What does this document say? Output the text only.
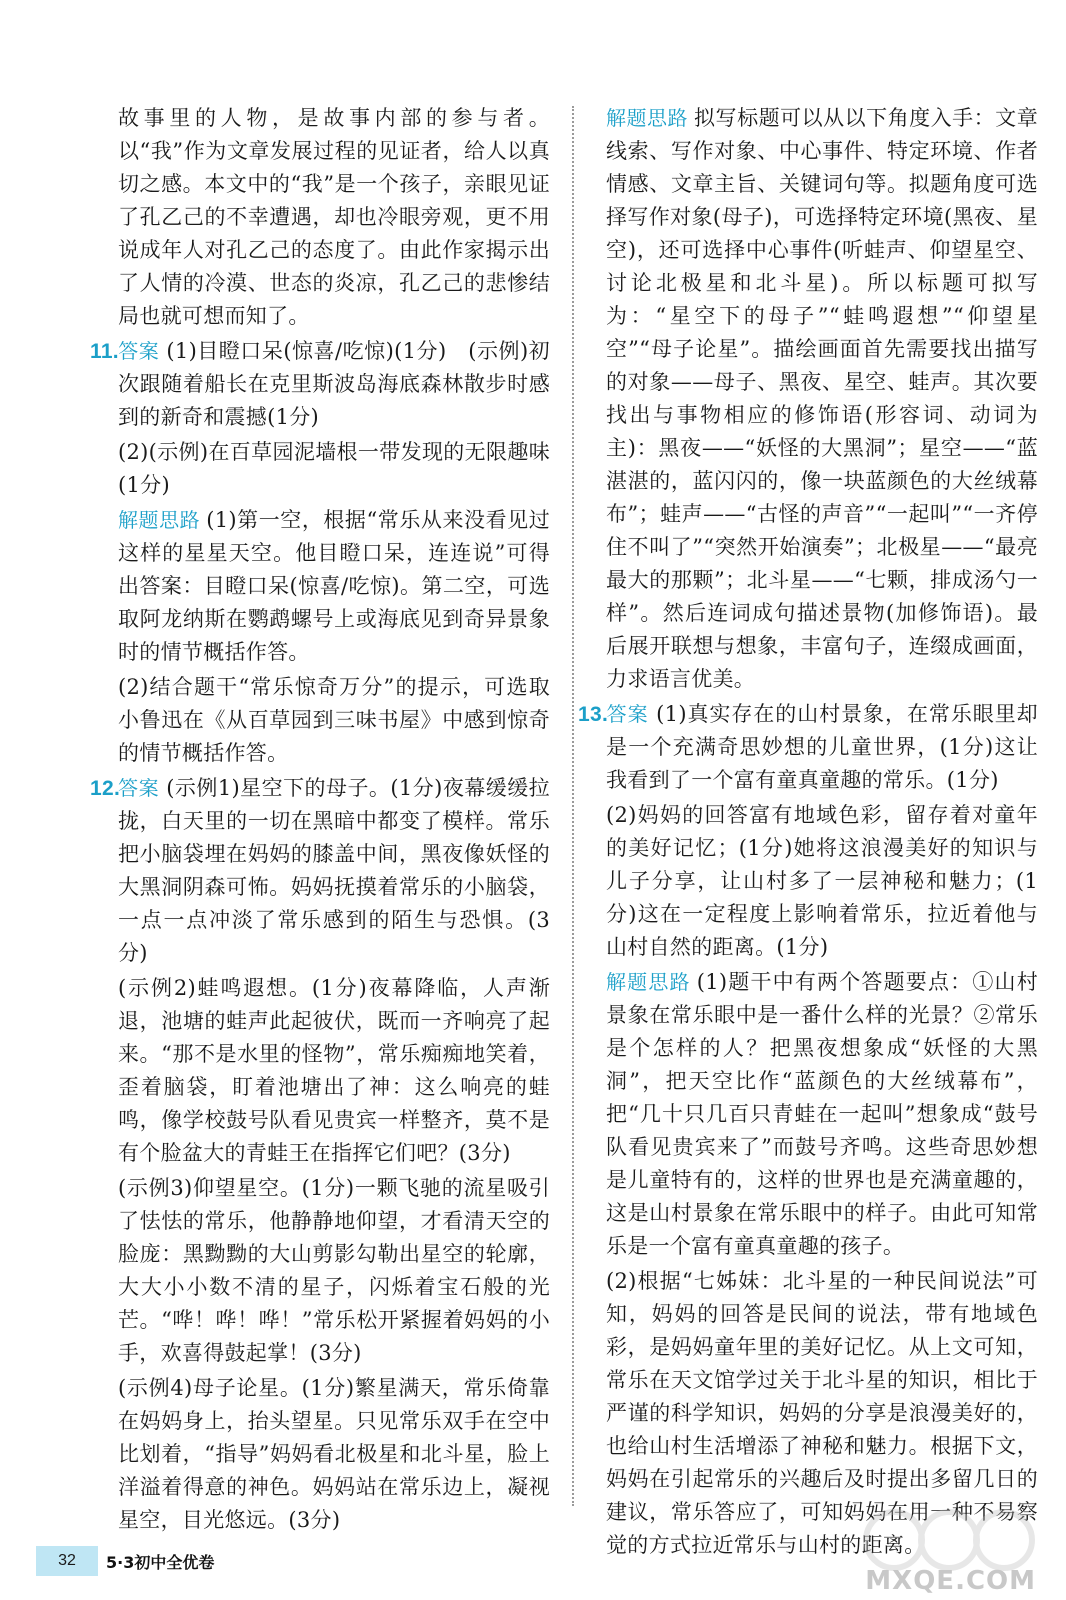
故事里的人物，是故事内部的参与者。以“我”作为文章发展过程的见证者，给人以真切之感。本文中的“我”是一个孩子，亲眼见证了孔乙己的不幸遭遇，却也冷眼旁观，更不用说成年人对孔乙己的态度了。由此作家揭示出了人情的冷漠、世态的炎凉，孔乙己的悲惨结局也就可想而知了。

11.答案 (1)目瞪口呆(惊喜/吃惊)(1分)　(示例)初次跟随着船长在克里斯波岛海底森林散步时感到的新奇和震撼(1分)

(2)(示例)在百草园泥墙根一带发现的无限趣味(1分)

解题思路 (1)第一空，根据“常乐从来没看见过这样的星星天空。他目瞪口呆，连连说”可得出答案：目瞪口呆(惊喜/吃惊)。第二空，可选取阿龙纳斯在鹦鹉螺号上或海底见到奇异景象时的情节概括作答。

(2)结合题干“常乐惊奇万分”的提示，可选取小鲁迅在《从百草园到三味书屋》中感到惊奇的情节概括作答。

12.答案 (示例1)星空下的母子。(1分)夜幕缓缓拉拢，白天里的一切在黑暗中都变了模样。常乐把小脑袋埋在妈妈的膝盖中间，黑夜像妖怪的大黑洞阴森可怖。妈妈抚摸着常乐的小脑袋，一点一点冲淡了常乐感到的陌生与恐惧。(3分)

(示例2)蛙鸣遐想。(1分)夜幕降临，人声渐退，池塘的蛙声此起彼伏，既而一齐响亮了起来。“那不是水里的怪物”，常乐痴痴地笑着，歪着脑袋，盯着池塘出了神：这么响亮的蛙鸣，像学校鼓号队看见贵宾一样整齐，莫不是有个脸盆大的青蛙王在指挥它们吧？(3分)

(示例3)仰望星空。(1分)一颗飞驰的流星吸引了怯怯的常乐，他静静地仰望，才看清天空的脸庞：黑黝黝的大山剪影勾勒出星空的轮廓，大大小小数不清的星子，闪烁着宝石般的光芒。“哗！哗！哗！”常乐松开紧握着妈妈的小手，欢喜得鼓起掌！(3分)

(示例4)母子论星。(1分)繁星满天，常乐倚靠在妈妈身上，抬头望星。只见常乐双手在空中比划着，“指导”妈妈看北极星和北斗星，脸上洋溢着得意的神色。妈妈站在常乐边上，凝视星空，目光悠远。(3分)

解题思路 拟写标题可以从以下角度入手：文章线索、写作对象、中心事件、特定环境、作者情感、文章主旨、关键词句等。拟题角度可选择写作对象(母子)，可选择特定环境(黑夜、星空)，还可选择中心事件(听蛙声、仰望星空、讨论北极星和北斗星)。所以标题可拟写为：“星空下的母子”“蛙鸣遐想”“仰望星空”“母子论星”。描绘画面首先需要找出描写的对象——母子、黑夜、星空、蛙声。其次要找出与事物相应的修饰语(形容词、动词为主)：黑夜——“妖怪的大黑洞”；星空——“蓝湛湛的，蓝闪闪的，像一块蓝颜色的大丝绒幕布”；蛙声——“古怪的声音”“一起叫”“一齐停住不叫了”“突然开始演奏”；北极星——“最亮最大的那颗”；北斗星——“七颗，排成汤勺一样”。然后连词成句描述景物(加修饰语)。最后展开联想与想象，丰富句子，连缀成画面，力求语言优美。

13.答案 (1)真实存在的山村景象，在常乐眼里却是一个充满奇思妙想的儿童世界，(1分)这让我看到了一个富有童真童趣的常乐。(1分)

(2)妈妈的回答富有地域色彩，留存着对童年的美好记忆；(1分)她将这浪漫美好的知识与儿子分享，让山村多了一层神秘和魅力；(1分)这在一定程度上影响着常乐，拉近着他与山村自然的距离。(1分)

解题思路 (1)题干中有两个答题要点：①山村景象在常乐眼中是一番什么样的光景？②常乐是个怎样的人？把黑夜想象成“妖怪的大黑洞”，把天空比作“蓝颜色的大丝绒幕布”，把“几十只几百只青蛙在一起叫”想象成“鼓号队看见贵宾来了”而鼓号齐鸣。这些奇思妙想是儿童特有的，这样的世界也是充满童趣的，这是山村景象在常乐眼中的样子。由此可知常乐是一个富有童真童趣的孩子。

(2)根据“七姊妹：北斗星的一种民间说法”可知，妈妈的回答是民间的说法，带有地域色彩，是妈妈童年里的美好记忆。从上文可知，常乐在天文馆学过关于北斗星的知识，相比于严谨的科学知识，妈妈的分享是浪漫美好的，也给山村生活增添了神秘和魅力。根据下文，妈妈在引起常乐的兴趣后及时提出多留几日的建议，常乐答应了，可知妈妈在用一种不易察觉的方式拉近常乐与山村的距离。

32	5·3初中全优卷
MXQE.COM
